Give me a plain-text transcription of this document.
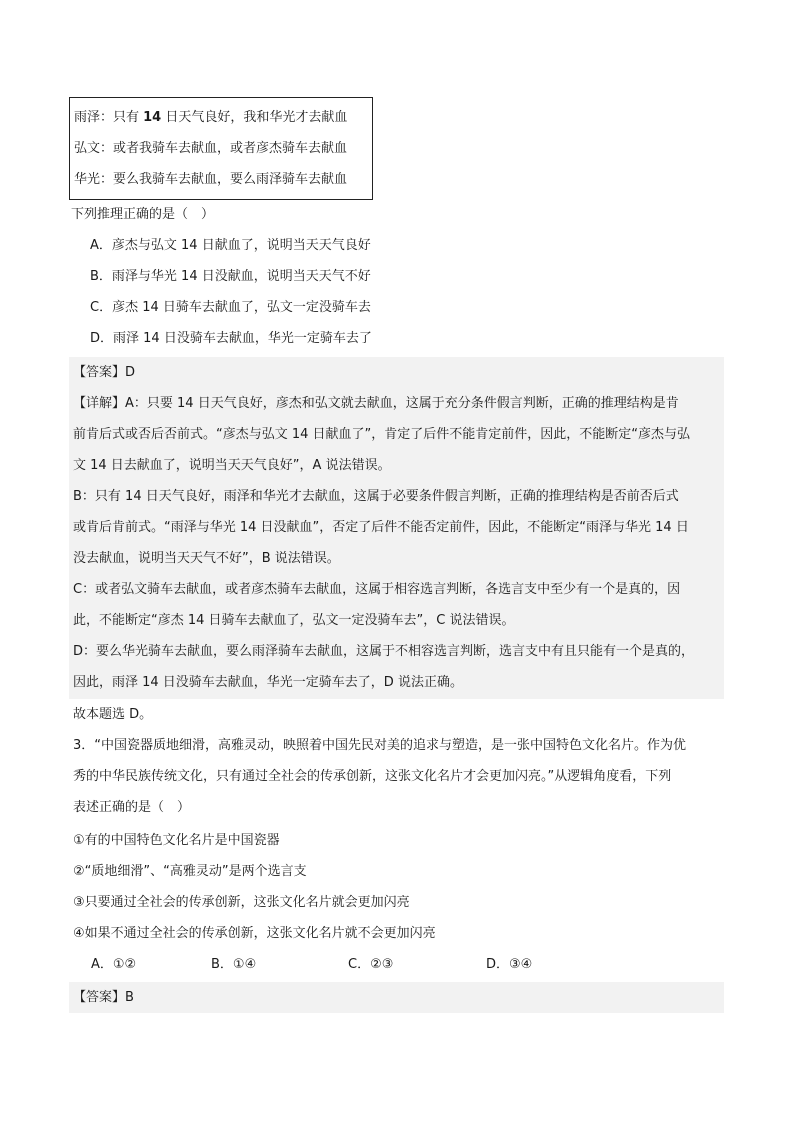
雨泽：只有 14 日天气良好，我和华光才去献血
弘文：或者我骑车去献血，或者彦杰骑车去献血
华光：要么我骑车去献血，要么雨泽骑车去献血
下列推理正确的是（　）
A．彦杰与弘文 14 日献血了，说明当天天气良好
B．雨泽与华光 14 日没献血，说明当天天气不好
C．彦杰 14 日骑车去献血了，弘文一定没骑车去
D．雨泽 14 日没骑车去献血，华光一定骑车去了
【答案】D
【详解】A：只要 14 日天气良好，彦杰和弘文就去献血，这属于充分条件假言判断，正确的推理结构是肯
前肯后式或否后否前式。“彦杰与弘文 14 日献血了”，肯定了后件不能肯定前件，因此，不能断定“彦杰与弘
文 14 日去献血了，说明当天天气良好”，A 说法错误。
B：只有 14 日天气良好，雨泽和华光才去献血，这属于必要条件假言判断，正确的推理结构是否前否后式
或肯后肯前式。“雨泽与华光 14 日没献血”，否定了后件不能否定前件，因此，不能断定“雨泽与华光 14 日
没去献血，说明当天天气不好”，B 说法错误。
C：或者弘文骑车去献血，或者彦杰骑车去献血，这属于相容选言判断，各选言支中至少有一个是真的，因
此，不能断定“彦杰 14 日骑车去献血了，弘文一定没骑车去”，C 说法错误。
D：要么华光骑车去献血，要么雨泽骑车去献血，这属于不相容选言判断，选言支中有且只能有一个是真的，
因此，雨泽 14 日没骑车去献血，华光一定骑车去了，D 说法正确。
故本题选 D。
3．“中国瓷器质地细滑，高雅灵动，映照着中国先民对美的追求与塑造，是一张中国特色文化名片。作为优
秀的中华民族传统文化，只有通过全社会的传承创新，这张文化名片才会更加闪亮。”从逻辑角度看，下列
表述正确的是（　）
①有的中国特色文化名片是中国瓷器
②“质地细滑”、“高雅灵动”是两个选言支
③只要通过全社会的传承创新，这张文化名片就会更加闪亮
④如果不通过全社会的传承创新，这张文化名片就不会更加闪亮
A．①②	B．①④	C．②③	D．③④
【答案】B
